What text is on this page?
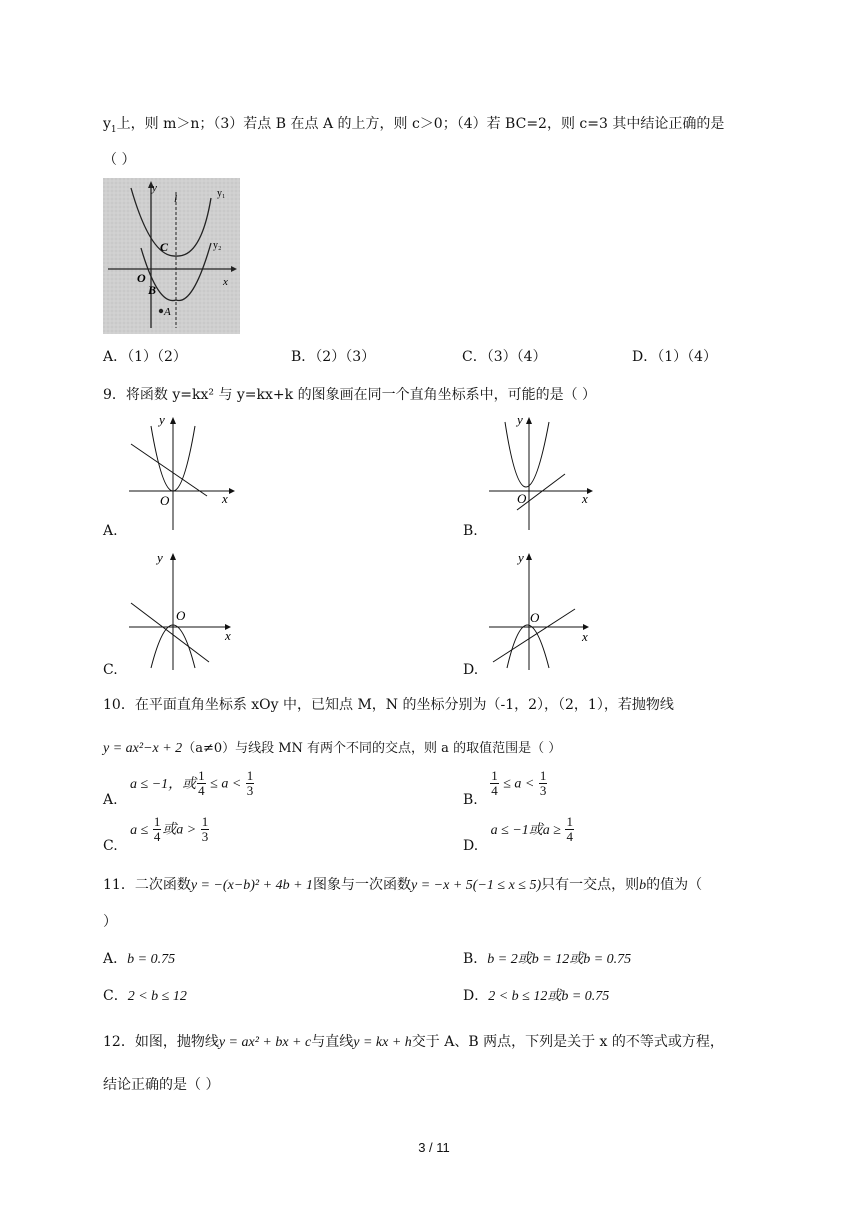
$y_1$上，则 m＞n；（3）若点 B 在点 A 的上方，则 c＞0；（4）若 BC=2，则 c=3 其中结论正确的是
（ ）
y	y₁
y₂
l
C
O
B
A
x
A．（1）（2）	B．（2）（3）	C．（3）（4）	D．（1）（4）
9．将函数 y=kx² 与 y=kx+k 的图象画在同一个直角坐标系中，可能的是（ ）
y
x
O
A.
y
x
O
B.
y
x
O
C.
y
x
O
D.
10．在平面直角坐标系 xOy 中，已知点 M，N 的坐标分别为（-1，2），（2，1），若抛物线
y = ax²−x + 2（a≠0）与线段 MN 有两个不同的交点，则 a 的取值范围是（ ）
A. a ≤ −1，或 $\frac{1}{4} \le a < \frac{1}{3}$
B.
$\frac{1}{4} \le a < \frac{1}{3}$
C. $a \le \frac{1}{4}$ 或$a > \frac{1}{3}$
D. a ≤ −1或$a \ge \frac{1}{4}$
11．二次函数y = −(x−b)² + 4b + 1图象与一次函数y = −x + 5(−1 ≤ x ≤ 5)只有一交点，则b的值为（
）
A．b = 0.75	B．b = 2或b = 12或b = 0.75
C．2 < b ≤ 12	D．2 < b ≤ 12或b = 0.75
12．如图，抛物线y = ax² + bx + c与直线y = kx + h交于 A、B 两点，下列是关于 x 的不等式或方程，
结论正确的是（ ）
3 / 11
